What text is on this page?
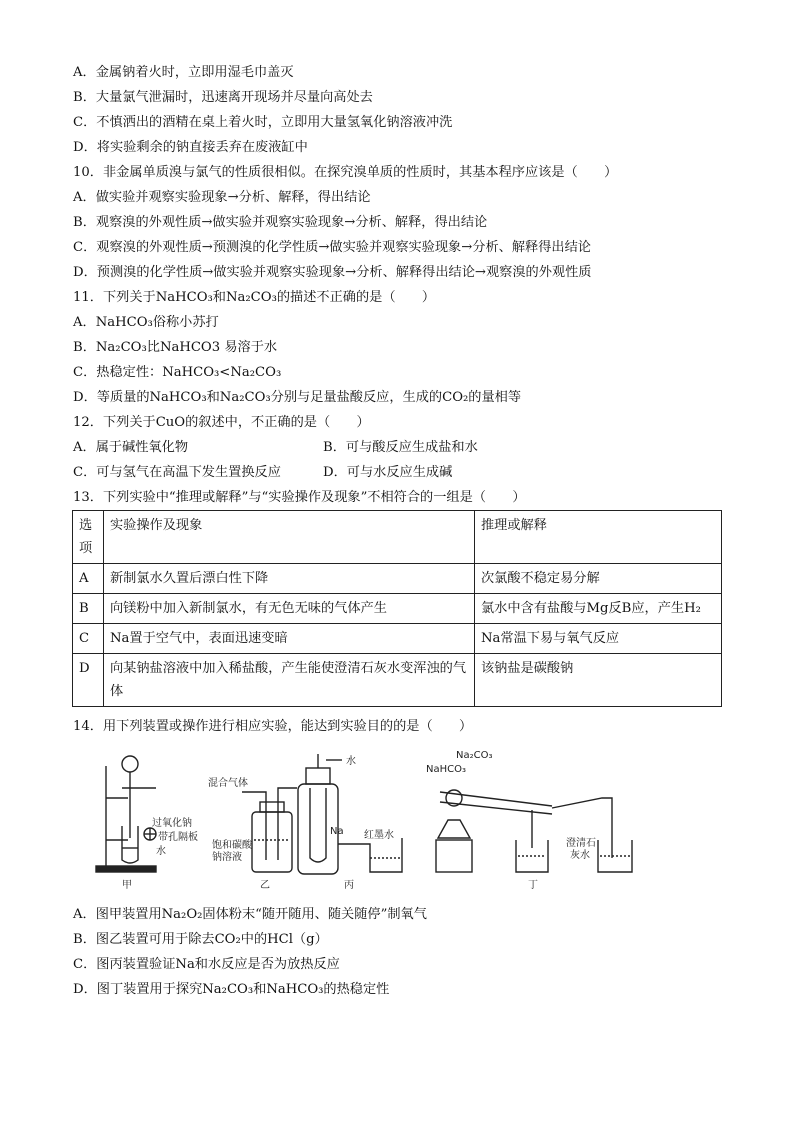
A．金属钠着火时，立即用湿毛巾盖灭
B．大量氯气泄漏时，迅速离开现场并尽量向高处去
C．不慎洒出的酒精在桌上着火时，立即用大量氢氧化钠溶液冲洗
D．将实验剩余的钠直接丢弃在废液缸中
10．非金属单质溴与氯气的性质很相似。在探究溴单质的性质时，其基本程序应该是（　　）
A．做实验并观察实验现象→分析、解释，得出结论
B．观察溴的外观性质→做实验并观察实验现象→分析、解释，得出结论
C．观察溴的外观性质→预测溴的化学性质→做实验并观察实验现象→分析、解释得出结论
D．预测溴的化学性质→做实验并观察实验现象→分析、解释得出结论→观察溴的外观性质
11．下列关于NaHCO₃和Na₂CO₃的描述不正确的是（　　）
A．NaHCO₃俗称小苏打
B．Na₂CO₃比NaHCO3 易溶于水
C．热稳定性：NaHCO₃<Na₂CO₃
D．等质量的NaHCO₃和Na₂CO₃分别与足量盐酸反应，生成的CO₂的量相等
12．下列关于CuO的叙述中，不正确的是（　　）
A．属于碱性氧化物	B．可与酸反应生成盐和水
C．可与氢气在高温下发生置换反应	D．可与水反应生成碱
13．下列实验中“推理或解释”与“实验操作及现象”不相符合的一组是（　　）
选项	实验操作及现象	推理或解释
A	新制氯水久置后漂白性下降	次氯酸不稳定易分解
B	向镁粉中加入新制氯水，有无色无味的气体产生	氯水中含有盐酸与Mg反B应，产生H₂
C	Na置于空气中，表面迅速变暗	Na常温下易与氧气反应
D	向某钠盐溶液中加入稀盐酸，产生能使澄清石灰水变浑浊的气体	该钠盐是碳酸钠
14．用下列装置或操作进行相应实验，能达到实验目的的是（　　）
过氧化钠
带孔隔板
水
甲
混合气体
饱和碳酸
钠溶液
乙
水
Na 红墨水
丙
NaHCO₃
Na₂CO₃
澄清石
灰水
丁
A．图甲装置用Na₂O₂固体粉末“随开随用、随关随停”制氧气
B．图乙装置可用于除去CO₂中的HCl（g）
C．图丙装置验证Na和水反应是否为放热反应
D．图丁装置用于探究Na₂CO₃和NaHCO₃的热稳定性
